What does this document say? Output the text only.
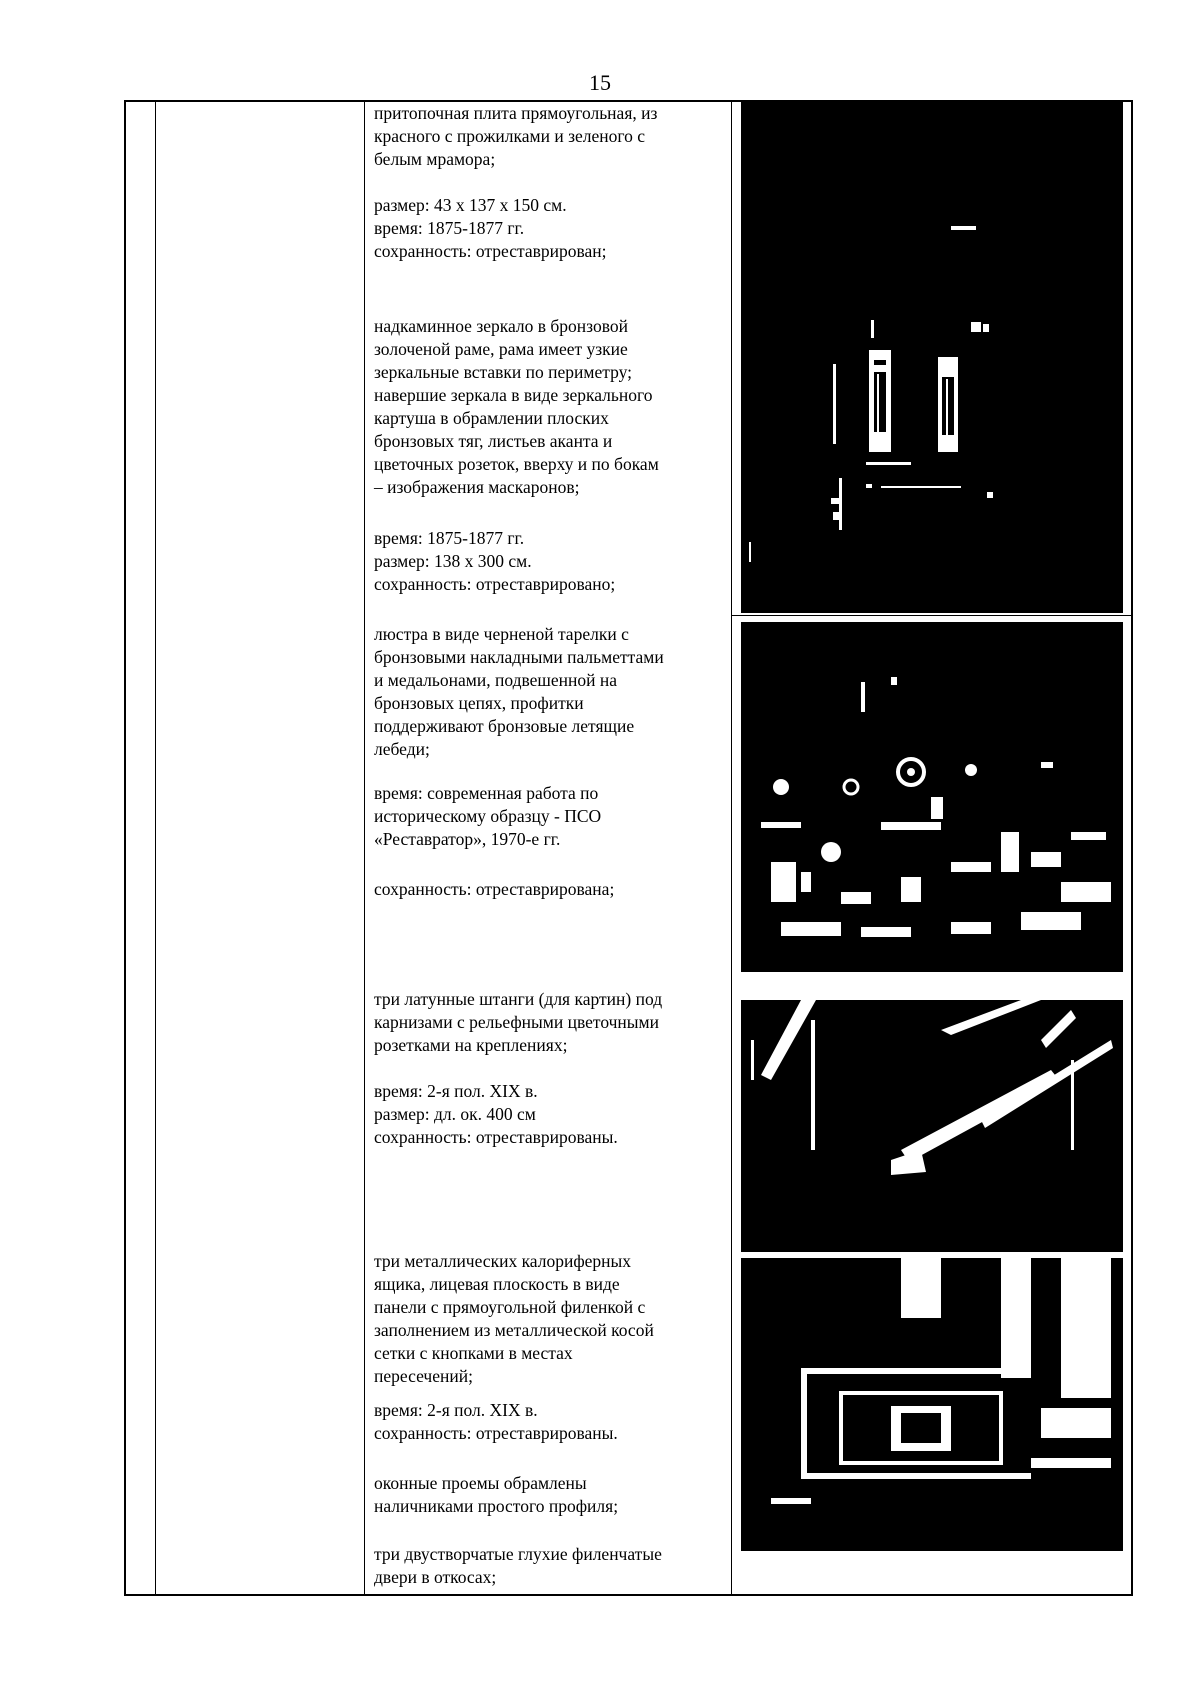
15
притопочная плита прямоугольная, из
красного с прожилками и зеленого с
белым мрамора;
размер: 43 х 137 х 150 см.
время: 1875-1877 гг.
сохранность: отреставрирован;
надкаминное зеркало в бронзовой
золоченой раме, рама имеет узкие
зеркальные вставки по периметру;
навершие зеркала в виде зеркального
картуша в обрамлении плоских
бронзовых тяг, листьев аканта и
цветочных розеток, вверху и по бокам
– изображения маскаронов;
время: 1875-1877 гг.
размер: 138 х 300 см.
сохранность: отреставрировано;
люстра в виде черненой тарелки с
бронзовыми накладными пальметтами
и медальонами, подвешенной на
бронзовых цепях, профитки
поддерживают бронзовые летящие
лебеди;
время: современная работа по
историческому образцу - ПСО
«Реставратор», 1970-е гг.
сохранность: отреставрирована;
три латунные штанги (для картин) под
карнизами с рельефными цветочными
розетками на креплениях;
время: 2-я пол. XIX в.
размер: дл. ок. 400 см
сохранность: отреставрированы.
три металлических калориферных
ящика, лицевая плоскость в виде
панели с прямоугольной филенкой с
заполнением из металлической косой
сетки с кнопками в местах
пересечений;
время: 2-я пол. XIX в.
сохранность: отреставрированы.
оконные проемы обрамлены
наличниками простого профиля;
три двустворчатые глухие филенчатые
двери в откосах;
